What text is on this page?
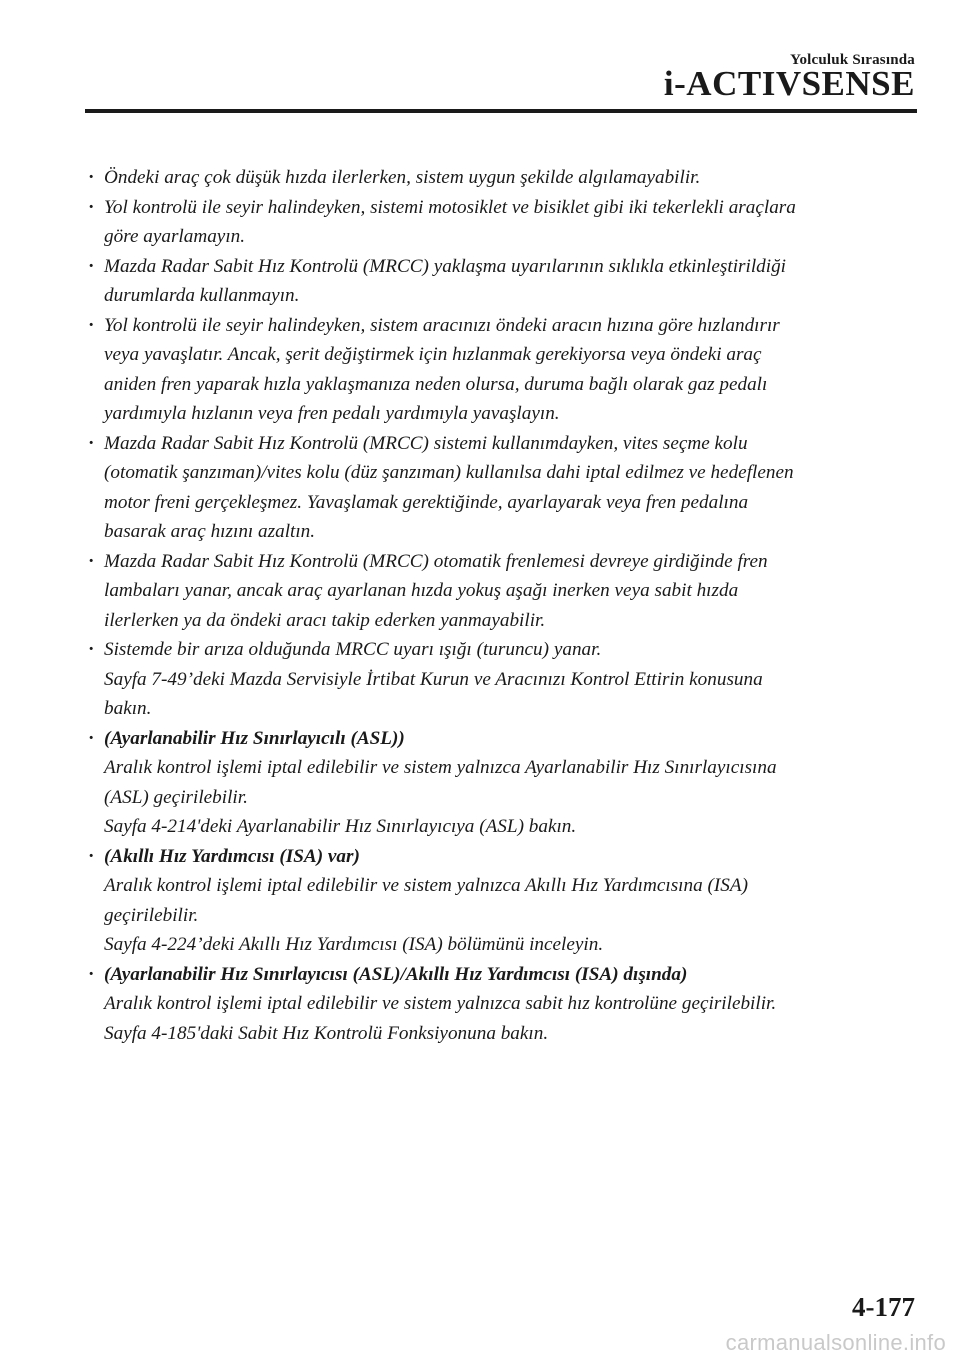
Yolculuk Sırasında
i-ACTIVSENSE
· Öndeki araç çok düşük hızda ilerlerken, sistem uygun şekilde algılamayabilir.
· Yol kontrolü ile seyir halindeyken, sistemi motosiklet ve bisiklet gibi iki tekerlekli araçlara
göre ayarlamayın.
· Mazda Radar Sabit Hız Kontrolü (MRCC) yaklaşma uyarılarının sıklıkla etkinleştirildiği
durumlarda kullanmayın.
· Yol kontrolü ile seyir halindeyken, sistem aracınızı öndeki aracın hızına göre hızlandırır
veya yavaşlatır. Ancak, şerit değiştirmek için hızlanmak gerekiyorsa veya öndeki araç
aniden fren yaparak hızla yaklaşmanıza neden olursa, duruma bağlı olarak gaz pedalı
yardımıyla hızlanın veya fren pedalı yardımıyla yavaşlayın.
· Mazda Radar Sabit Hız Kontrolü (MRCC) sistemi kullanımdayken, vites seçme kolu
(otomatik şanzıman)/vites kolu (düz şanzıman) kullanılsa dahi iptal edilmez ve hedeflenen
motor freni gerçekleşmez. Yavaşlamak gerektiğinde, ayarlayarak veya fren pedalına
basarak araç hızını azaltın.
· Mazda Radar Sabit Hız Kontrolü (MRCC) otomatik frenlemesi devreye girdiğinde fren
lambaları yanar, ancak araç ayarlanan hızda yokuş aşağı inerken veya sabit hızda
ilerlerken ya da öndeki aracı takip ederken yanmayabilir.
· Sistemde bir arıza olduğunda MRCC uyarı ışığı (turuncu) yanar.
Sayfa 7-49’deki Mazda Servisiyle İrtibat Kurun ve Aracınızı Kontrol Ettirin konusuna
bakın.
· (Ayarlanabilir Hız Sınırlayıcılı (ASL))
Aralık kontrol işlemi iptal edilebilir ve sistem yalnızca Ayarlanabilir Hız Sınırlayıcısına
(ASL) geçirilebilir.
Sayfa 4-214'deki Ayarlanabilir Hız Sınırlayıcıya (ASL) bakın.
· (Akıllı Hız Yardımcısı (ISA) var)
Aralık kontrol işlemi iptal edilebilir ve sistem yalnızca Akıllı Hız Yardımcısına (ISA)
geçirilebilir.
Sayfa 4-224’deki Akıllı Hız Yardımcısı (ISA) bölümünü inceleyin.
· (Ayarlanabilir Hız Sınırlayıcısı (ASL)/Akıllı Hız Yardımcısı (ISA) dışında)
Aralık kontrol işlemi iptal edilebilir ve sistem yalnızca sabit hız kontrolüne geçirilebilir.
Sayfa 4-185'daki Sabit Hız Kontrolü Fonksiyonuna bakın.
4-177
carmanualsonline.info
